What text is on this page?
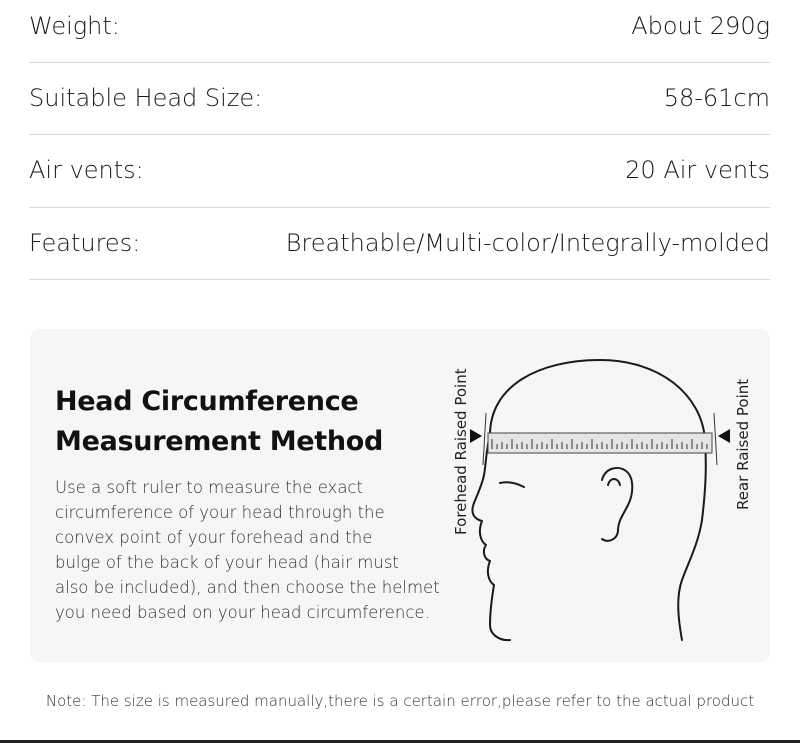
Weight:	About 290g
Suitable Head Size:	58-61cm
Air vents:	20 Air vents
Features:	Breathable/Multi-color/Integrally-molded
Head Circumference
Measurement Method
Use a soft ruler to measure the exact
circumference of your head through the
convex point of your forehead and the
bulge of the back of your head (hair must
also be included), and then choose the helmet
you need based on your head circumference.
Forehead Raised Point	Rear Raised Point
Note: The size is measured manually,there is a certain error,please refer to the actual product
